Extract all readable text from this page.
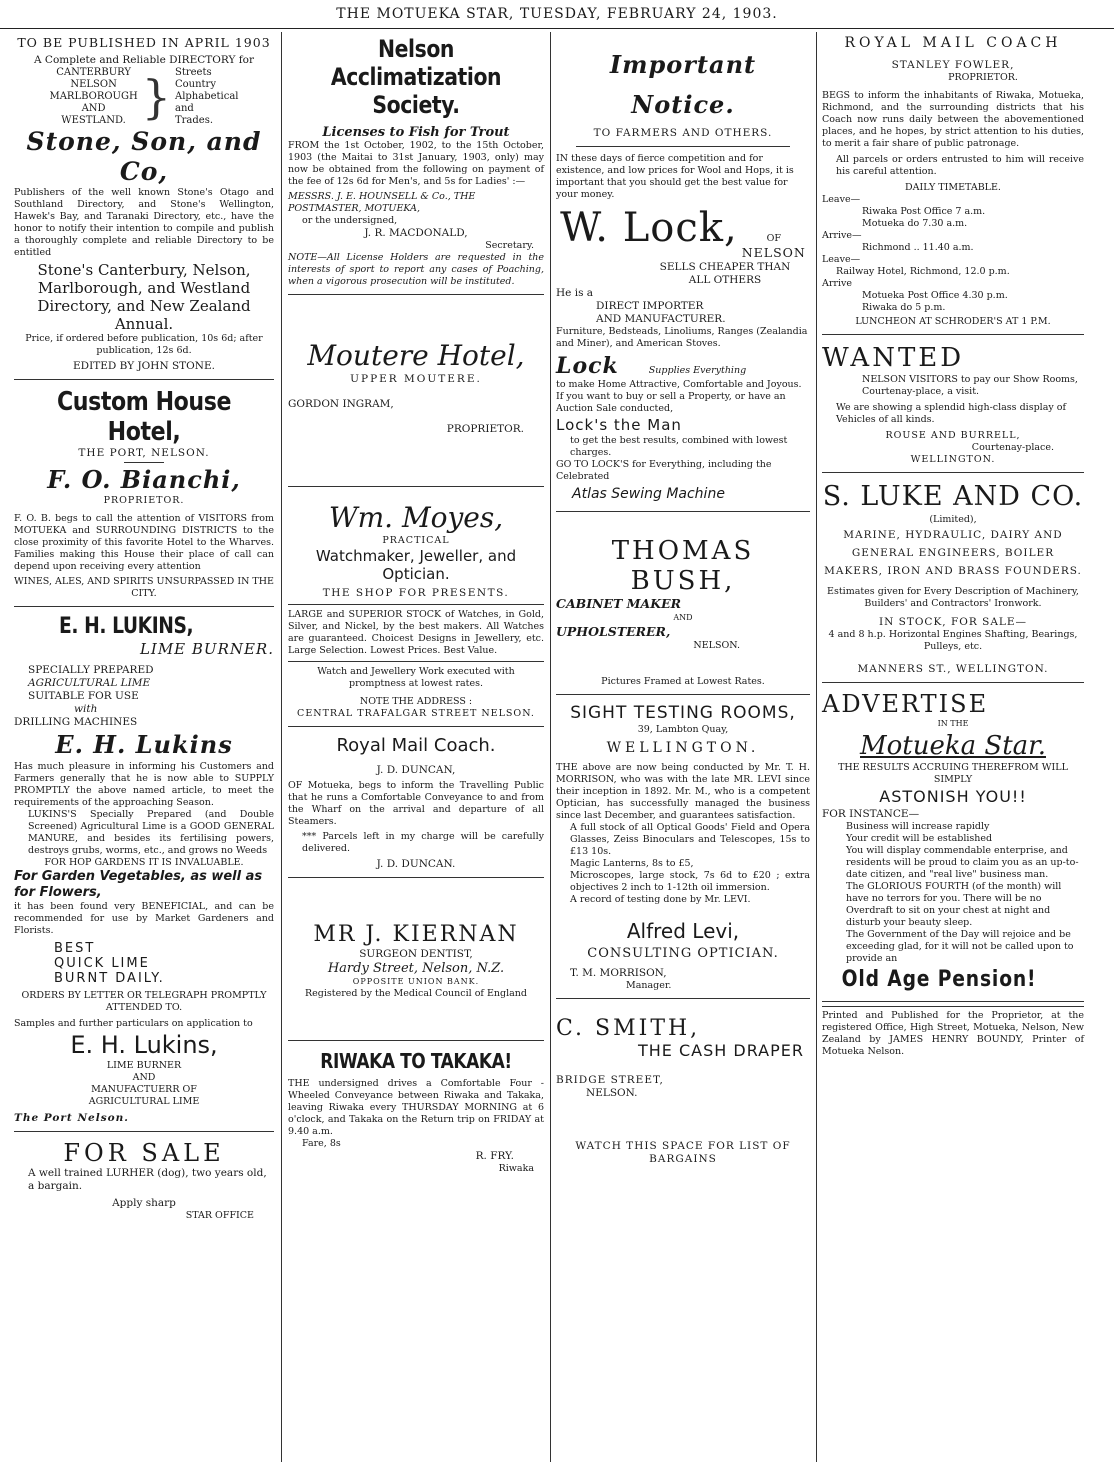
THE MOTUEKA STAR, TUESDAY, FEBRUARY 24, 1903.

TO BE PUBLISHED IN APRIL 1903

A Complete and Reliable DIRECTORY for

CANTERBURY
NELSON
MARLBOROUGH
AND
WESTLAND. } Streets
Country
Alphabetical
and
Trades.

Stone, Son, and Co,

Publishers of the well known Stone's Otago and Southland Directory, and Stone's Wellington, Hawek's Bay, and Taranaki Directory, etc., have the honor to notify their intention to compile and publish a thoroughly complete and reliable Directory to be entitled

Stone's Canterbury, Nelson, Marlborough, and Westland Directory, and New Zealand Annual.

Price, if ordered before publication, 10s 6d; after publication, 12s 6d.

EDITED BY JOHN STONE.

Custom House Hotel,

THE PORT, NELSON.

F. O. Bianchi,

PROPRIETOR.

F. O. B. begs to call the attention of VISITORS from MOTUEKA and SURROUNDING DISTRICTS to the close proximity of this favorite Hotel to the Wharves. Families making this House their place of call can depend upon receiving every attention

WINES, ALES, AND SPIRITS UNSURPASSED IN THE CITY.

E. H. LUKINS,

LIME BURNER.

SPECIALLY PREPARED

AGRICULTURAL LIME

SUITABLE FOR USE

with

DRILLING MACHINES

E. H. Lukins

Has much pleasure in informing his Customers and Farmers generally that he is now able to SUPPLY PROMPTLY the above named article, to meet the requirements of the approaching Season.

LUKINS'S Specially Prepared (and Double Screened) Agricultural Lime is a GOOD GENERAL MANURE, and besides its fertilising powers, destroys grubs, worms, etc., and grows no Weeds

FOR HOP GARDENS IT IS INVALUABLE.

For Garden Vegetables, as well as for Flowers,

it has been found very BENEFICIAL, and can be recommended for use by Market Gardeners and Florists.

BEST

QUICK LIME

BURNT DAILY.

ORDERS BY LETTER OR TELEGRAPH PROMPTLY ATTENDED TO.

Samples and further particulars on application to

E. H. Lukins,

LIME BURNER

AND

MANUFACTUERR OF

AGRICULTURAL LIME

The Port Nelson.

FOR SALE

A well trained LURHER (dog), two years old, a bargain.

Apply sharp

STAR OFFICE

Nelson Acclimatization Society.

Licenses to Fish for Trout

FROM the 1st October, 1902, to the 15th October, 1903 (the Maitai to 31st January, 1903, only) may now be obtained from the following on payment of the fee of 12s 6d for Men's, and 5s for Ladies' :—

MESSRS. J. E. HOUNSELL & Co., THE POSTMASTER, MOTUEKA,

or the undersigned,

J. R. MACDONALD,

Secretary.

NOTE—All License Holders are requested in the interests of sport to report any cases of Poaching, when a vigorous prosecution will be instituted.

Moutere Hotel,

UPPER MOUTERE.

GORDON INGRAM,

PROPRIETOR.

Wm. Moyes,

PRACTICAL

Watchmaker, Jeweller, and Optician.

THE SHOP FOR PRESENTS.

LARGE and SUPERIOR STOCK of Watches, in Gold, Silver, and Nickel, by the best makers. All Watches are guaranteed. Choicest Designs in Jewellery, etc. Large Selection. Lowest Prices. Best Value.

Watch and Jewellery Work executed with promptness at lowest rates.

NOTE THE ADDRESS :

CENTRAL TRAFALGAR STREET NELSON.

Royal Mail Coach.

J. D. DUNCAN,

OF Motueka, begs to inform the Travelling Public that he runs a Comfortable Conveyance to and from the Wharf on the arrival and departure of all Steamers.

*** Parcels left in my charge will be carefully delivered.

J. D. DUNCAN.

MR J. KIERNAN

SURGEON DENTIST,

Hardy Street, Nelson, N.Z.

OPPOSITE UNION BANK.

Registered by the Medical Council of England

RIWAKA TO TAKAKA!

THE undersigned drives a Comfortable Four - Wheeled Conveyance between Riwaka and Takaka, leaving Riwaka every THURSDAY MORNING at 6 o'clock, and Takaka on the Return trip on FRIDAY at 9.40 a.m.

Fare, 8s

R. FRY.

Riwaka

Important Notice.

TO FARMERS AND OTHERS.

IN these days of fierce competition and for existence, and low prices for Wool and Hops, it is important that you should get the best value for your money.

W. Lock,	OF
NELSON

SELLS CHEAPER THAN ALL OTHERS

He is a

DIRECT IMPORTER

AND MANUFACTURER.

Furniture, Bedsteads, Linoliums, Ranges (Zealandia and Miner), and American Stoves.

Lock	Supplies Everything

to make Home Attractive, Comfortable and Joyous.

If you want to buy or sell a Property, or have an Auction Sale conducted,

Lock's the Man

to get the best results, combined with lowest charges.

GO TO LOCK'S for Everything, including the Celebrated

Atlas Sewing Machine

THOMAS BUSH,

CABINET MAKER

AND

UPHOLSTERER,

NELSON.

Pictures Framed at Lowest Rates.

SIGHT TESTING ROOMS,

39, Lambton Quay,

WELLINGTON.

THE above are now being conducted by Mr. T. H. MORRISON, who was with the late MR. LEVI since their inception in 1892. Mr. M., who is a competent Optician, has successfully managed the business since last December, and guarantees satisfaction.

A full stock of all Optical Goods' Field and Opera Glasses, Zeiss Binoculars and Telescopes, 15s to £13 10s.

Magic Lanterns, 8s to £5,

Microscopes, large stock, 7s 6d to £20 ; extra objectives 2 inch to 1-12th oil immersion.

A record of testing done by Mr. LEVI.

Alfred Levi,

CONSULTING OPTICIAN.

T. M. MORRISON,

Manager.

C. SMITH,

THE CASH DRAPER

BRIDGE STREET,

NELSON.

WATCH THIS SPACE FOR LIST OF BARGAINS

ROYAL MAIL COACH

STANLEY FOWLER,

PROPRIETOR.

BEGS to inform the inhabitants of Riwaka, Motueka, Richmond, and the surrounding districts that his Coach now runs daily between the abovementioned places, and he hopes, by strict attention to his duties, to merit a fair share of public patronage.

All parcels or orders entrusted to him will receive his careful attention.

DAILY TIMETABLE.

Leave—

Riwaka Post Office 7 a.m.

Motueka do 7.30 a.m.

Arrive—

Richmond .. 11.40 a.m.

Leave—

Railway Hotel, Richmond, 12.0 p.m.

Arrive

Motueka Post Office 4.30 p.m.

Riwaka do 5 p.m.

LUNCHEON AT SCHRODER'S AT 1 P.M.

WANTED

NELSON VISITORS to pay our Show Rooms, Courtenay-place, a visit.

We are showing a splendid high-class display of Vehicles of all kinds.

ROUSE AND BURRELL,

Courtenay-place.

WELLINGTON.

S. LUKE AND CO.

(Limited),

MARINE, HYDRAULIC, DAIRY AND GENERAL ENGINEERS, BOILER MAKERS, IRON AND BRASS FOUNDERS.

Estimates given for Every Description of Machinery, Builders' and Contractors' Ironwork.

IN STOCK, FOR SALE—

4 and 8 h.p. Horizontal Engines Shafting, Bearings, Pulleys, etc.

MANNERS ST., WELLINGTON.

ADVERTISE

IN THE

Motueka Star.

THE RESULTS ACCRUING THEREFROM WILL SIMPLY

ASTONISH YOU!!

FOR INSTANCE—

Business will increase rapidly

Your credit will be established

You will display commendable enterprise, and residents will be proud to claim you as an up-to-date citizen, and "real live" business man.

The GLORIOUS FOURTH (of the month) will have no terrors for you. There will be no Overdraft to sit on your chest at night and disturb your beauty sleep.

The Government of the Day will rejoice and be exceeding glad, for it will not be called upon to provide an

Old Age Pension!

Printed and Published for the Proprietor, at the registered Office, High Street, Motueka, Nelson, New Zealand by JAMES HENRY BOUNDY, Printer of Motueka Nelson.
